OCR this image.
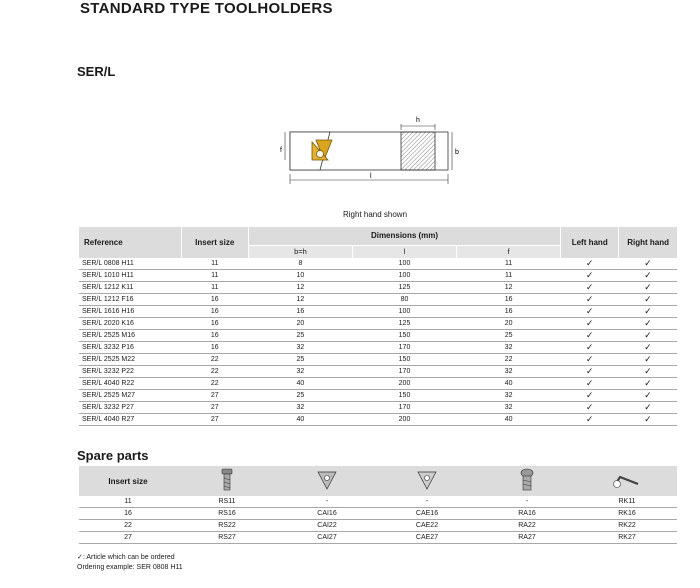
STANDARD TYPE TOOLHOLDERS
SER/L
h
b
f
l
Right hand shown
Reference	Insert size	Dimensions (mm)			Left hand	Right hand
		b=h	l	f		
SER/L 0808 H11	11	8	100	11	✓	✓
SER/L 1010 H11	11	10	100	11	✓	✓
SER/L 1212 K11	11	12	125	12	✓	✓
SER/L 1212 F16	16	12	80	16	✓	✓
SER/L 1616 H16	16	16	100	16	✓	✓
SER/L 2020 K16	16	20	125	20	✓	✓
SER/L 2525 M16	16	25	150	25	✓	✓
SER/L 3232 P16	16	32	170	32	✓	✓
SER/L 2525 M22	22	25	150	22	✓	✓
SER/L 3232 P22	22	32	170	32	✓	✓
SER/L 4040 R22	22	40	200	40	✓	✓
SER/L 2525 M27	27	25	150	32	✓	✓
SER/L 3232 P27	27	32	170	32	✓	✓
SER/L 4040 R27	27	40	200	40	✓	✓
Spare parts
Insert size					
11	RS11	-	-	-	RK11
16	RS16	CAI16	CAE16	RA16	RK16
22	RS22	CAI22	CAE22	RA22	RK22
27	RS27	CAI27	CAE27	RA27	RK27
✓: Article which can be ordered
Ordering example: SER 0808 H11
